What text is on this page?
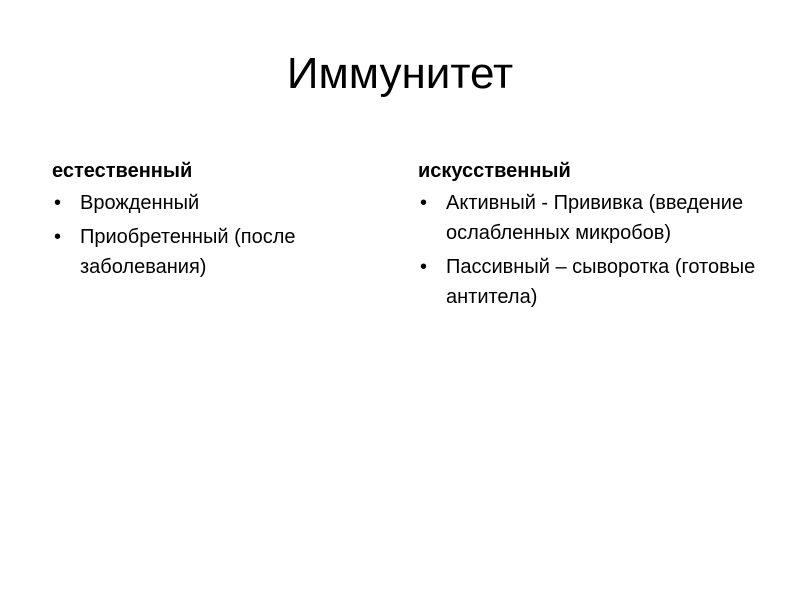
Иммунитет
естественный
• Врожденный
• Приобретенный (после заболевания)
искусственный
• Активный - Прививка (введение ослабленных микробов)
• Пассивный – сыворотка (готовые антитела)
